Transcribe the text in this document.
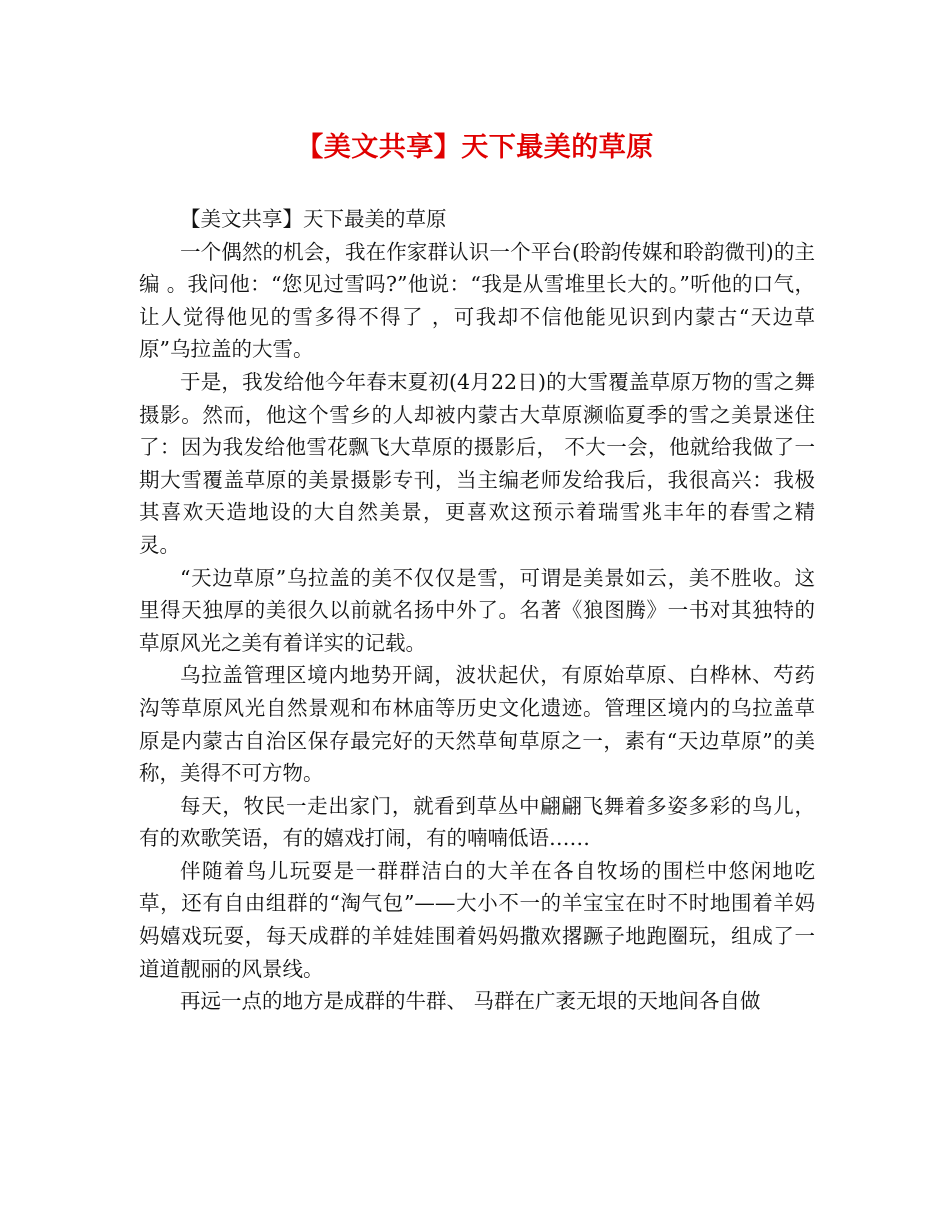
【美文共享】天下最美的草原

【美文共享】天下最美的草原

一个偶然的机会，我在作家群认识一个平台(聆韵传媒和聆韵微刊)的主编 。我问他：“您见过雪吗?”他说：“我是从雪堆里长大的。”听他的口气，让人觉得他见的雪多得不得了 ，可我却不信他能见识到内蒙古“天边草原”乌拉盖的大雪。

于是，我发给他今年春末夏初(4月22日)的大雪覆盖草原万物的雪之舞摄影。然而，他这个雪乡的人却被内蒙古大草原濒临夏季的雪之美景迷住了：因为我发给他雪花飘飞大草原的摄影后， 不大一会，他就给我做了一期大雪覆盖草原的美景摄影专刊，当主编老师发给我后，我很高兴：我极其喜欢天造地设的大自然美景，更喜欢这预示着瑞雪兆丰年的春雪之精灵。

“天边草原”乌拉盖的美不仅仅是雪，可谓是美景如云，美不胜收。这里得天独厚的美很久以前就名扬中外了。名著《狼图腾》一书对其独特的草原风光之美有着详实的记载。

乌拉盖管理区境内地势开阔，波状起伏，有原始草原、白桦林、芍药沟等草原风光自然景观和布林庙等历史文化遗迹。管理区境内的乌拉盖草原是内蒙古自治区保存最完好的天然草甸草原之一，素有“天边草原”的美称，美得不可方物。

每天，牧民一走出家门，就看到草丛中翩翩飞舞着多姿多彩的鸟儿，有的欢歌笑语，有的嬉戏打闹，有的喃喃低语……

伴随着鸟儿玩耍是一群群洁白的大羊在各自牧场的围栏中悠闲地吃草，还有自由组群的“淘气包”——大小不一的羊宝宝在时不时地围着羊妈妈嬉戏玩耍，每天成群的羊娃娃围着妈妈撒欢撂蹶子地跑圈玩，组成了一道道靓丽的风景线。

再远一点的地方是成群的牛群、 马群在广袤无垠的天地间各自做
